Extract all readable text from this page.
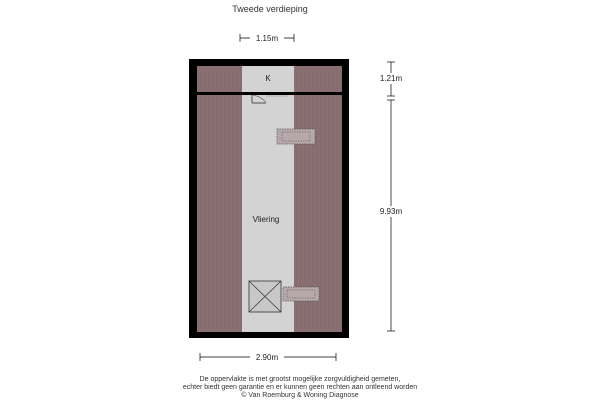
Tweede verdieping
K
Vliering
1.15m
1.21m
9.93m
2.90m
De oppervlakte is met grootst mogelijke zorgvuldigheid gemeten,
echter biedt geen garantie en er kunnen geen rechten aan ontleend worden
© Van Roemburg & Woning Diagnose
